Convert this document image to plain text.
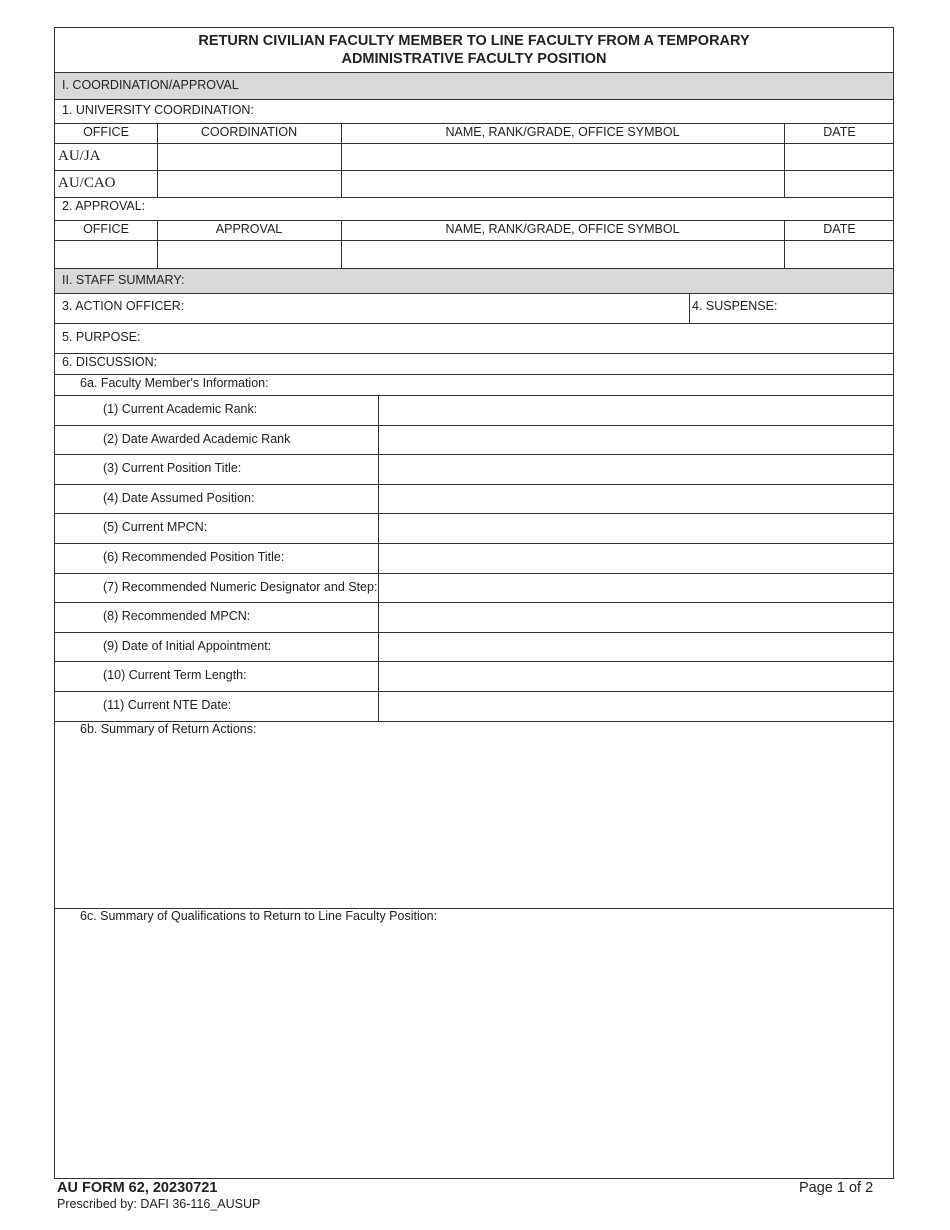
RETURN CIVILIAN FACULTY MEMBER TO LINE FACULTY FROM A TEMPORARY
ADMINISTRATIVE FACULTY POSITION
I. COORDINATION/APPROVAL
1. UNIVERSITY COORDINATION:
OFFICE	COORDINATION	NAME, RANK/GRADE, OFFICE SYMBOL	DATE
AU/JA
AU/CAO
2. APPROVAL:
OFFICE	APPROVAL	NAME, RANK/GRADE, OFFICE SYMBOL	DATE
II. STAFF SUMMARY:
3. ACTION OFFICER:	4. SUSPENSE:
5. PURPOSE:
6. DISCUSSION:
6a. Faculty Member's Information:
(1) Current Academic Rank:
(2) Date Awarded Academic Rank
(3) Current Position Title:
(4) Date Assumed Position:
(5) Current MPCN:
(6) Recommended Position Title:
(7) Recommended Numeric Designator and Step:
(8) Recommended MPCN:
(9) Date of Initial Appointment:
(10) Current Term Length:
(11) Current NTE Date:
6b. Summary of Return Actions:
6c. Summary of Qualifications to Return to Line Faculty Position:
AU FORM 62, 20230721
Prescribed by: DAFI 36-116_AUSUP
Page 1 of 2
